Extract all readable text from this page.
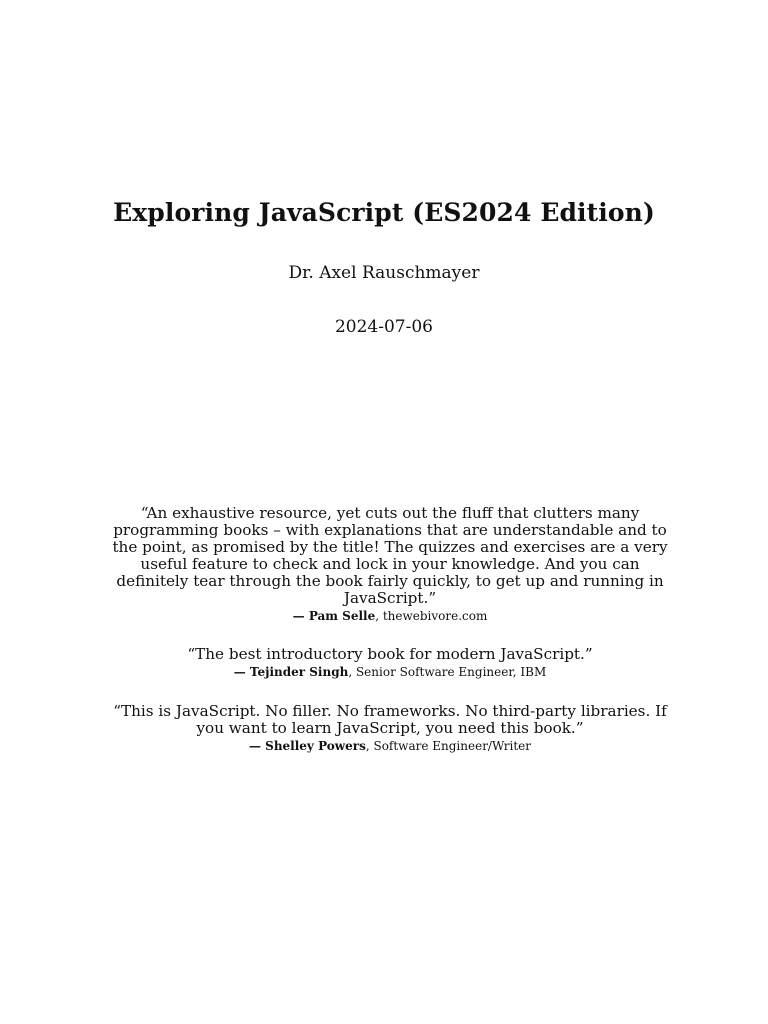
Exploring JavaScript (ES2024 Edition)
Dr. Axel Rauschmayer
2024-07-06

“An exhaustive resource, yet cuts out the fluff that clutters many programming books – with explanations that are understandable and to the point, as promised by the title! The quizzes and exercises are a very useful feature to check and lock in your knowledge. And you can definitely tear through the book fairly quickly, to get up and running in JavaScript.”

— Pam Selle, thewebivore.com

“The best introductory book for modern JavaScript.”

— Tejinder Singh, Senior Software Engineer, IBM

“This is JavaScript. No filler. No frameworks. No third-party libraries. If you want to learn JavaScript, you need this book.”

— Shelley Powers, Software Engineer/Writer
